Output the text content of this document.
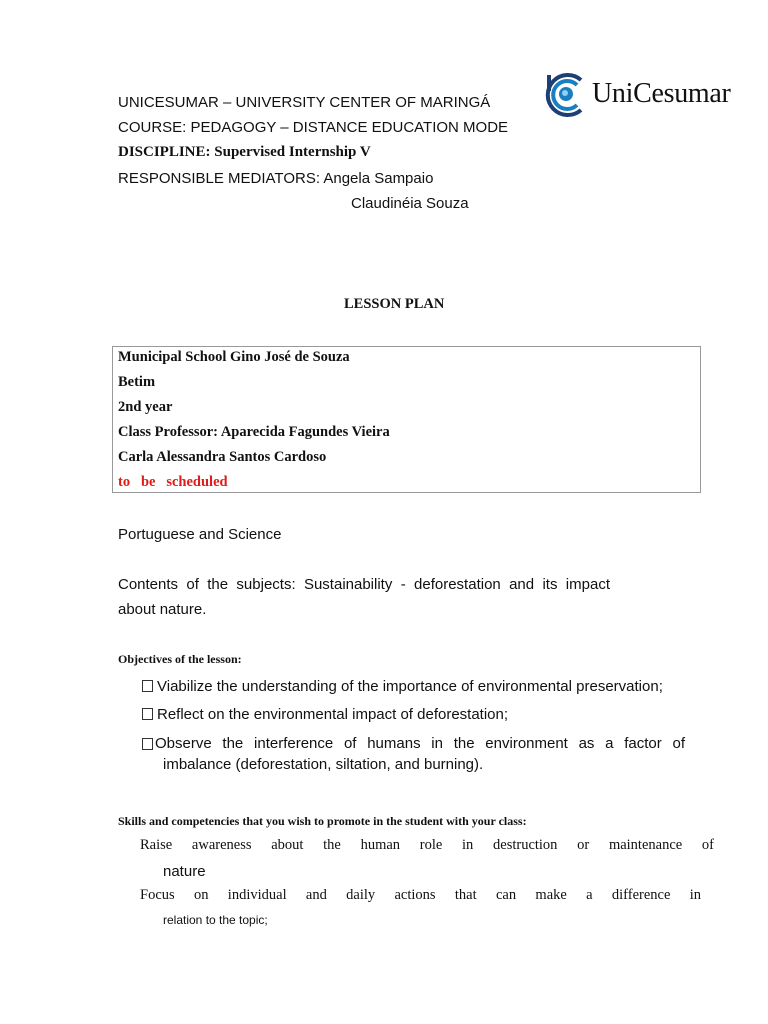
UNICESUMAR – UNIVERSITY CENTER OF MARINGÁ
COURSE: PEDAGOGY – DISTANCE EDUCATION MODE
DISCIPLINE: Supervised Internship V
RESPONSIBLE MEDIATORS: Angela Sampaio
Claudinéia Souza
UniCesumar
LESSON PLAN
Municipal School Gino José de Souza
Betim
2nd year
Class Professor: Aparecida Fagundes Vieira
Carla Alessandra Santos Cardoso
to   be   scheduled
Portuguese and Science
Contents of the subjects: Sustainability - deforestation and its impact
about nature.
Objectives of the lesson:
Viabilize the understanding of the importance of environmental preservation;
Reflect on the environmental impact of deforestation;
Observe the interference of humans in the environment as a factor of
imbalance (deforestation, siltation, and burning).
Skills and competencies that you wish to promote in the student with your class:
Raise awareness about the human role in destruction or maintenance of
nature
Focus on individual and daily actions that can make a difference in
relation to the topic;
